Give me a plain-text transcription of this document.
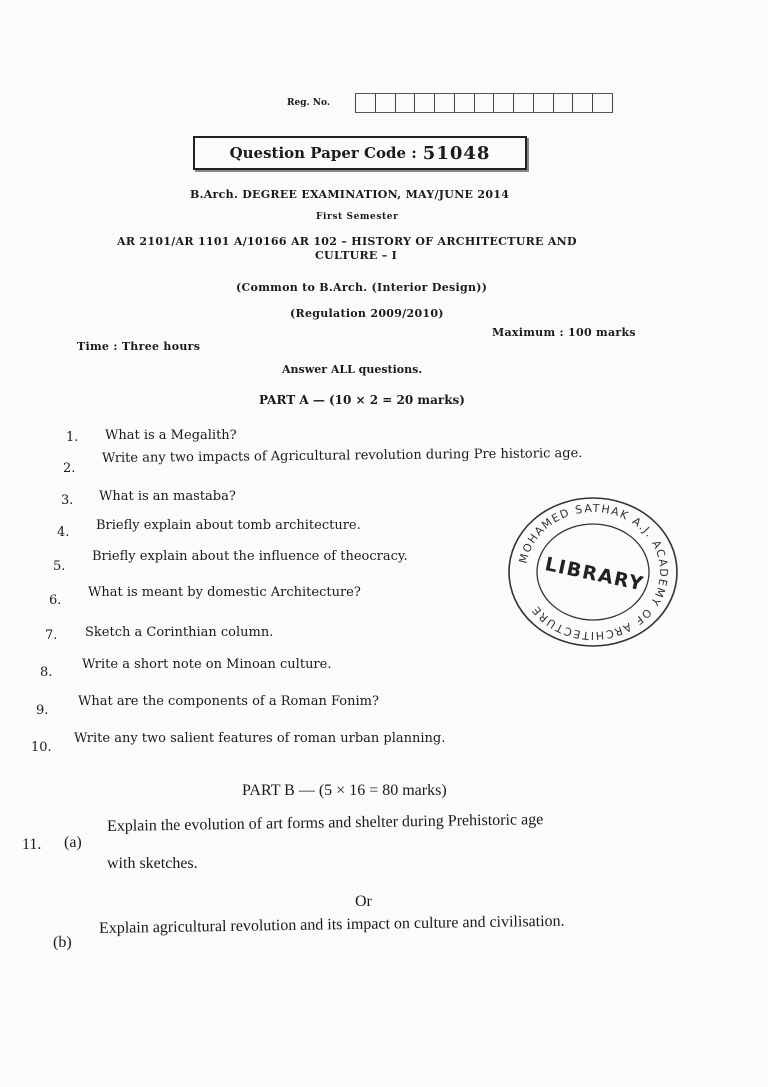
Reg. No.
Question Paper Code : 51048
B.Arch. DEGREE EXAMINATION, MAY/JUNE 2014
First Semester
AR 2101/AR 1101 A/10166 AR 102 – HISTORY OF ARCHITECTURE AND
CULTURE – I
(Common to B.Arch. (Interior Design))
(Regulation 2009/2010)
Maximum : 100 marks
Time : Three hours
Answer ALL questions.
PART A — (10 × 2 = 20 marks)
1. What is a Megalith?
2.
Write any two impacts of Agricultural revolution during Pre historic age.
3. What is an mastaba?
4. Briefly explain about tomb architecture.
5.
Briefly explain about the influence of theocracy.
6.
What is meant by domestic Architecture?
7. Sketch a Corinthian column.
8.
Write a short note on Minoan culture.
9.
What are the components of a Roman Fonim?
10.
Write any two salient features of roman urban planning.
MOHAMED SATHAK A.J. ACADEMY OF ARCHITECTURE
LIBRARY
PART B — (5 × 16 = 80 marks)
11. (a)
Explain the evolution of art forms and shelter during Prehistoric age
with sketches.
Or
(b)
Explain agricultural revolution and its impact on culture and civilisation.
